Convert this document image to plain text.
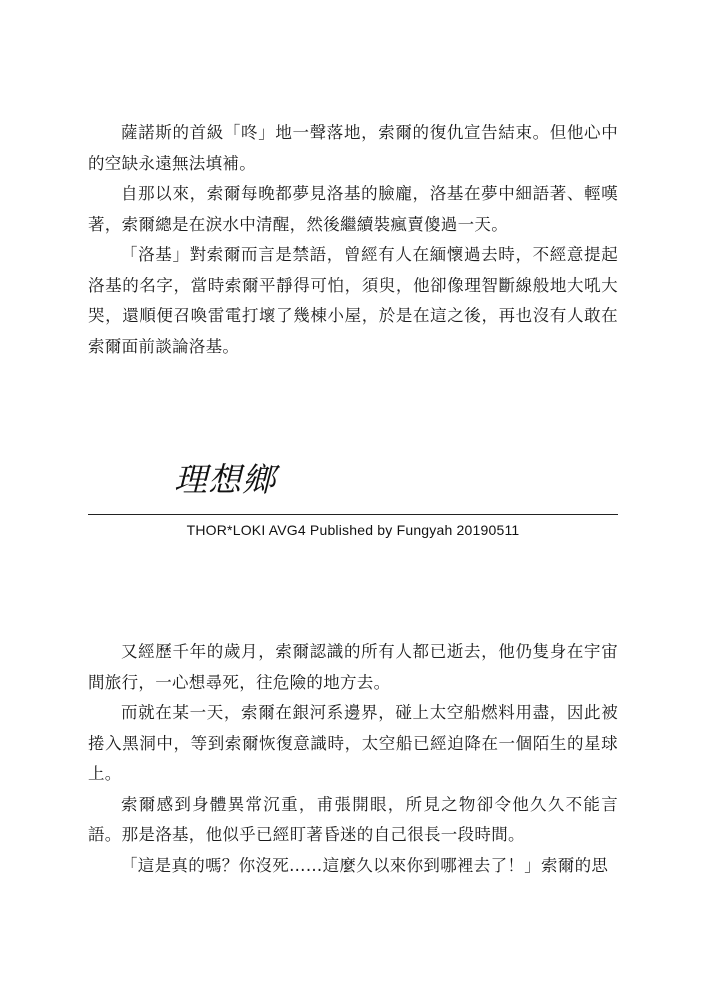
薩諾斯的首級「咚」地一聲落地，索爾的復仇宣告結束。但他心中的空缺永遠無法填補。

自那以來，索爾每晚都夢見洛基的臉龐，洛基在夢中細語著、輕嘆著，索爾總是在淚水中清醒，然後繼續裝瘋賣傻過一天。

「洛基」對索爾而言是禁語，曾經有人在緬懷過去時，不經意提起洛基的名字，當時索爾平靜得可怕，須臾，他卻像理智斷線般地大吼大哭，還順便召喚雷電打壞了幾棟小屋，於是在這之後，再也沒有人敢在索爾面前談論洛基。

理想鄉
THOR*LOKI AVG4 Published by Fungyah 20190511

又經歷千年的歲月，索爾認識的所有人都已逝去，他仍隻身在宇宙間旅行，一心想尋死，往危險的地方去。

而就在某一天，索爾在銀河系邊界，碰上太空船燃料用盡，因此被捲入黑洞中，等到索爾恢復意識時，太空船已經迫降在一個陌生的星球上。

索爾感到身體異常沉重，甫張開眼，所見之物卻令他久久不能言語。那是洛基，他似乎已經盯著昏迷的自己很長一段時間。

「這是真的嗎？你沒死……這麼久以來你到哪裡去了！」索爾的思
